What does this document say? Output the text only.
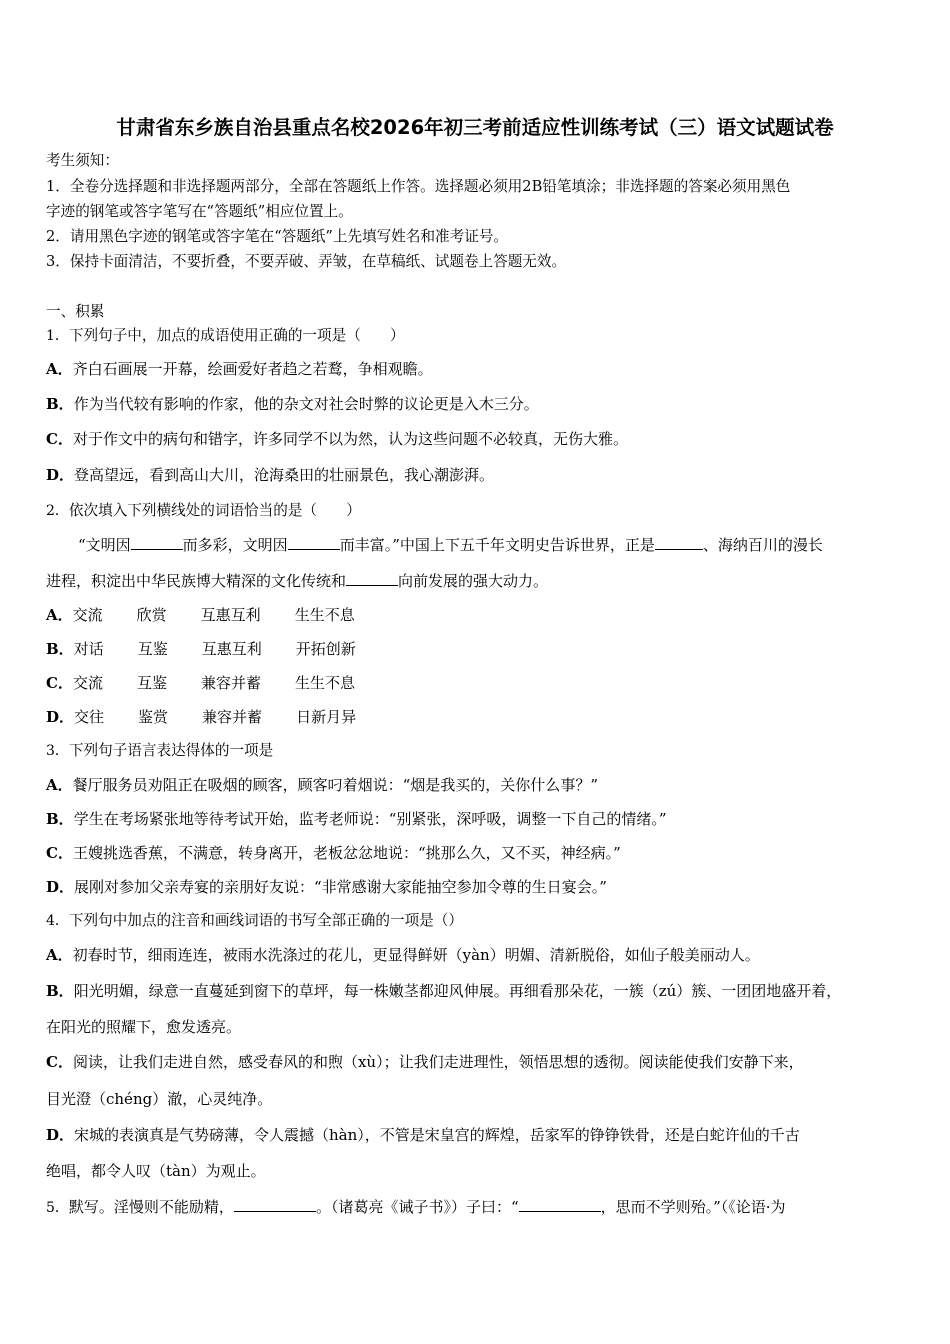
甘肃省东乡族自治县重点名校2026年初三考前适应性训练考试（三）语文试题试卷
考生须知：
1．全卷分选择题和非选择题两部分，全部在答题纸上作答。选择题必须用2B铅笔填涂；非选择题的答案必须用黑色
字迹的钢笔或答字笔写在“答题纸”相应位置上。
2．请用黑色字迹的钢笔或答字笔在“答题纸”上先填写姓名和准考证号。
3．保持卡面清洁，不要折叠，不要弄破、弄皱，在草稿纸、试题卷上答题无效。
一、积累
1．下列句子中，加点的成语使用正确的一项是（　　）
A．齐白石画展一开幕，绘画爱好者趋之若鹜，争相观瞻。
B．作为当代较有影响的作家，他的杂文对社会时弊的议论更是入木三分。
C．对于作文中的病句和错字，许多同学不以为然，认为这些问题不必较真，无伤大雅。
D．登高望远，看到高山大川，沧海桑田的壮丽景色，我心潮澎湃。
2．依次填入下列横线处的词语恰当的是（　　）
“文明因	而多彩，文明因	而丰富。”中国上下五千年文明史告诉世界，正是	、海纳百川的漫长
进程，积淀出中华民族博大精深的文化传统和	向前发展的强大动力。
A．交流 欣赏 互惠互利 生生不息
B．对话 互鉴 互惠互利 开拓创新
C．交流 互鉴 兼容并蓄 生生不息
D．交往 鉴赏 兼容并蓄 日新月异
3．下列句子语言表达得体的一项是
A．餐厅服务员劝阻正在吸烟的顾客，顾客叼着烟说：“烟是我买的，关你什么事？”
B．学生在考场紧张地等待考试开始，监考老师说：“别紧张，深呼吸，调整一下自己的情绪。”
C．王嫂挑选香蕉，不满意，转身离开，老板忿忿地说：“挑那么久，又不买，神经病。”
D．展刚对参加父亲寿宴的亲朋好友说：“非常感谢大家能抽空参加令尊的生日宴会。”
4．下列句中加点的注音和画线词语的书写全部正确的一项是（）
A．初春时节，细雨连连，被雨水洗涤过的花儿，更显得鲜妍（yàn）明媚、清新脱俗，如仙子般美丽动人。
B．阳光明媚，绿意一直蔓延到窗下的草坪，每一株嫩茎都迎风伸展。再细看那朵花，一簇（zú）簇、一团团地盛开着，
在阳光的照耀下，愈发透亮。
C．阅读，让我们走进自然，感受春风的和煦（xù）；让我们走进理性，领悟思想的透彻。阅读能使我们安静下来，
目光澄（chéng）澈，心灵纯净。
D．宋城的表演真是气势磅薄，令人震撼（hàn），不管是宋皇宫的辉煌，岳家军的铮铮铁骨，还是白蛇许仙的千古
绝唱，都令人叹（tàn）为观止。
5．默写。淫慢则不能励精，	。（诸葛亮《诫子书》）子曰：“	，思而不学则殆。”（《论语·为
